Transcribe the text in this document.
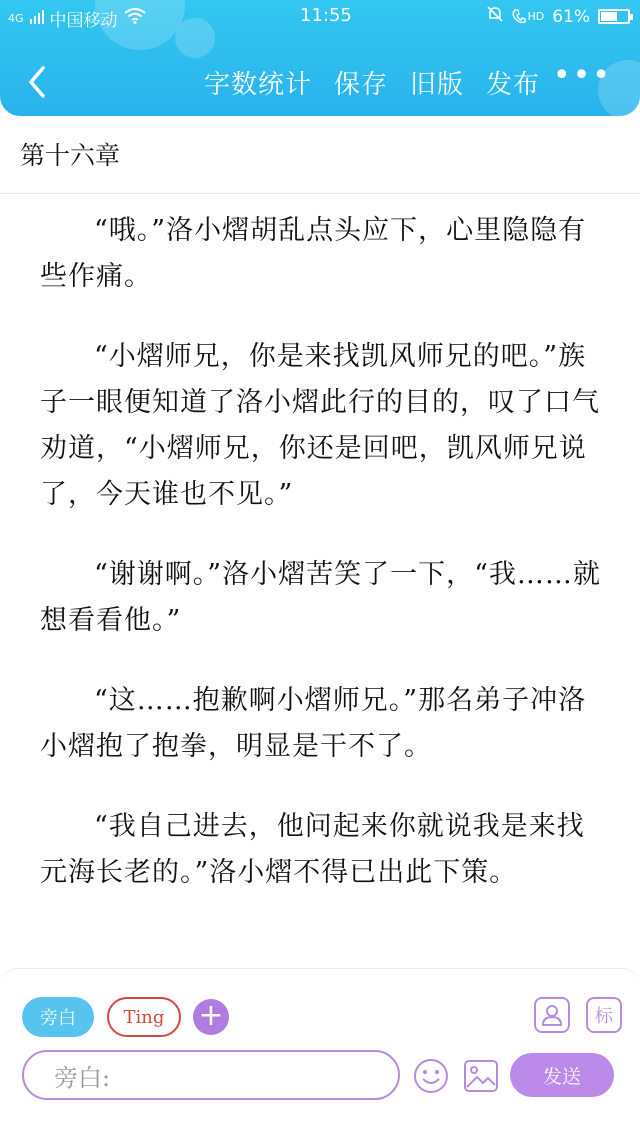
4G 中国移动	11:55	HD 61%
字数统计 保存 旧版 发布 •••
第十六章

“哦。”洛小熠胡乱点头应下，心里隐隐有些作痛。

“小熠师兄，你是来找凯风师兄的吧。”族子一眼便知道了洛小熠此行的目的，叹了口气劝道，“小熠师兄，你还是回吧，凯风师兄说了，今天谁也不见。”

“谢谢啊。”洛小熠苦笑了一下，“我……就想看看他。”

“这……抱歉啊小熠师兄。”那名弟子冲洛小熠抱了抱拳，明显是干不了。

“我自己进去，他问起来你就说我是来找元海长老的。”洛小熠不得已出此下策。

旁白	Ting	+	标
旁白:	发送
